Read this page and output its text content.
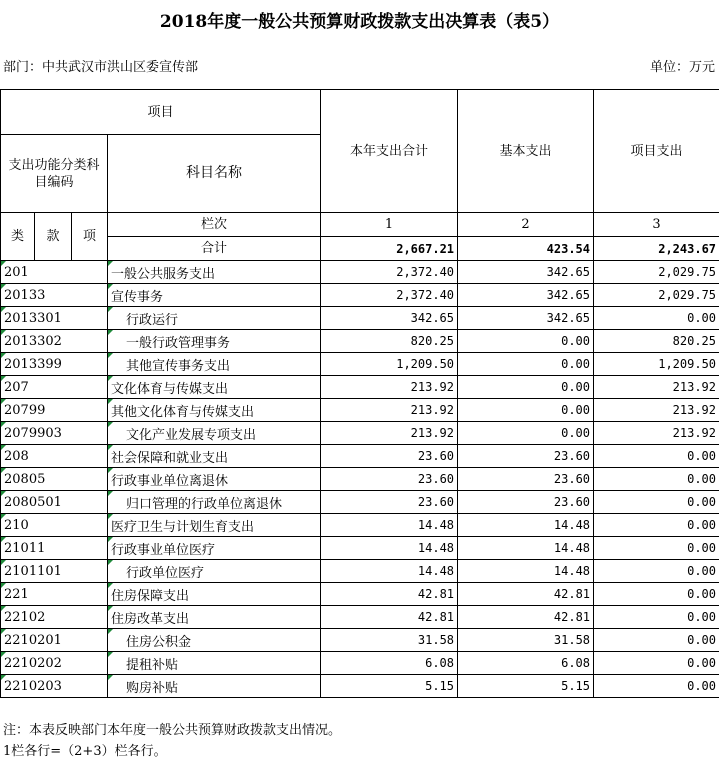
2018年度一般公共预算财政拨款支出决算表（表5）
部门：中共武汉市洪山区委宣传部	单位：万元
项目				本年支出合计	基本支出	项目支出
支出功能分类科目编码			科目名称			

类	款	项	栏次	1	2	3
			合计	2,667.21	423.54	2,243.67

201			一般公共服务支出	2,372.40	342.65	2,029.75

20133			宣传事务	2,372.40	342.65	2,029.75

2013301			行政运行	342.65	342.65	0.00

2013302			一般行政管理事务	820.25	0.00	820.25

2013399			其他宣传事务支出	1,209.50	0.00	1,209.50

207			文化体育与传媒支出	213.92	0.00	213.92

20799			其他文化体育与传媒支出	213.92	0.00	213.92

2079903			文化产业发展专项支出	213.92	0.00	213.92

208			社会保障和就业支出	23.60	23.60	0.00

20805			行政事业单位离退休	23.60	23.60	0.00

2080501			归口管理的行政单位离退休	23.60	23.60	0.00

210			医疗卫生与计划生育支出	14.48	14.48	0.00

21011			行政事业单位医疗	14.48	14.48	0.00

2101101			行政单位医疗	14.48	14.48	0.00

221			住房保障支出	42.81	42.81	0.00

22102			住房改革支出	42.81	42.81	0.00

2210201			住房公积金	31.58	31.58	0.00

2210202			提租补贴	6.08	6.08	0.00

2210203			购房补贴	5.15	5.15	0.00
注：本表反映部门本年度一般公共预算财政拨款支出情况。
1栏各行=（2+3）栏各行。
